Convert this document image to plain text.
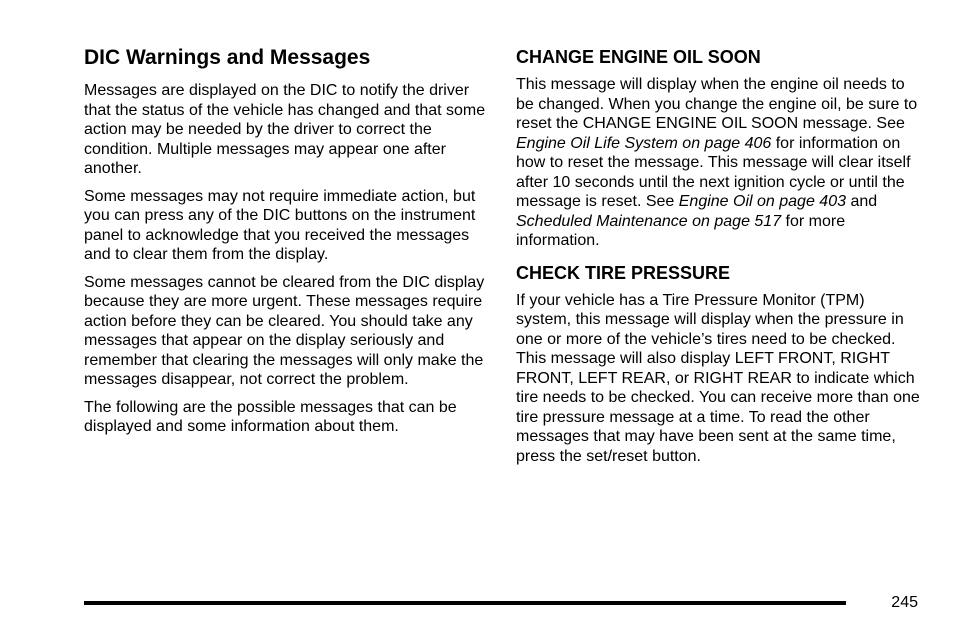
DIC Warnings and Messages

Messages are displayed on the DIC to notify the driver that the status of the vehicle has changed and that some action may be needed by the driver to correct the condition. Multiple messages may appear one after another.

Some messages may not require immediate action, but you can press any of the DIC buttons on the instrument panel to acknowledge that you received the messages and to clear them from the display.

Some messages cannot be cleared from the DIC display because they are more urgent. These messages require action before they can be cleared. You should take any messages that appear on the display seriously and remember that clearing the messages will only make the messages disappear, not correct the problem.

The following are the possible messages that can be displayed and some information about them.

CHANGE ENGINE OIL SOON

This message will display when the engine oil needs to be changed. When you change the engine oil, be sure to reset the CHANGE ENGINE OIL SOON message. See Engine Oil Life System on page 406 for information on how to reset the message. This message will clear itself after 10 seconds until the next ignition cycle or until the message is reset. See Engine Oil on page 403 and Scheduled Maintenance on page 517 for more information.

CHECK TIRE PRESSURE

If your vehicle has a Tire Pressure Monitor (TPM) system, this message will display when the pressure in one or more of the vehicle’s tires need to be checked. This message will also display LEFT FRONT, RIGHT FRONT, LEFT REAR, or RIGHT REAR to indicate which tire needs to be checked. You can receive more than one tire pressure message at a time. To read the other messages that may have been sent at the same time, press the set/reset button.

245
